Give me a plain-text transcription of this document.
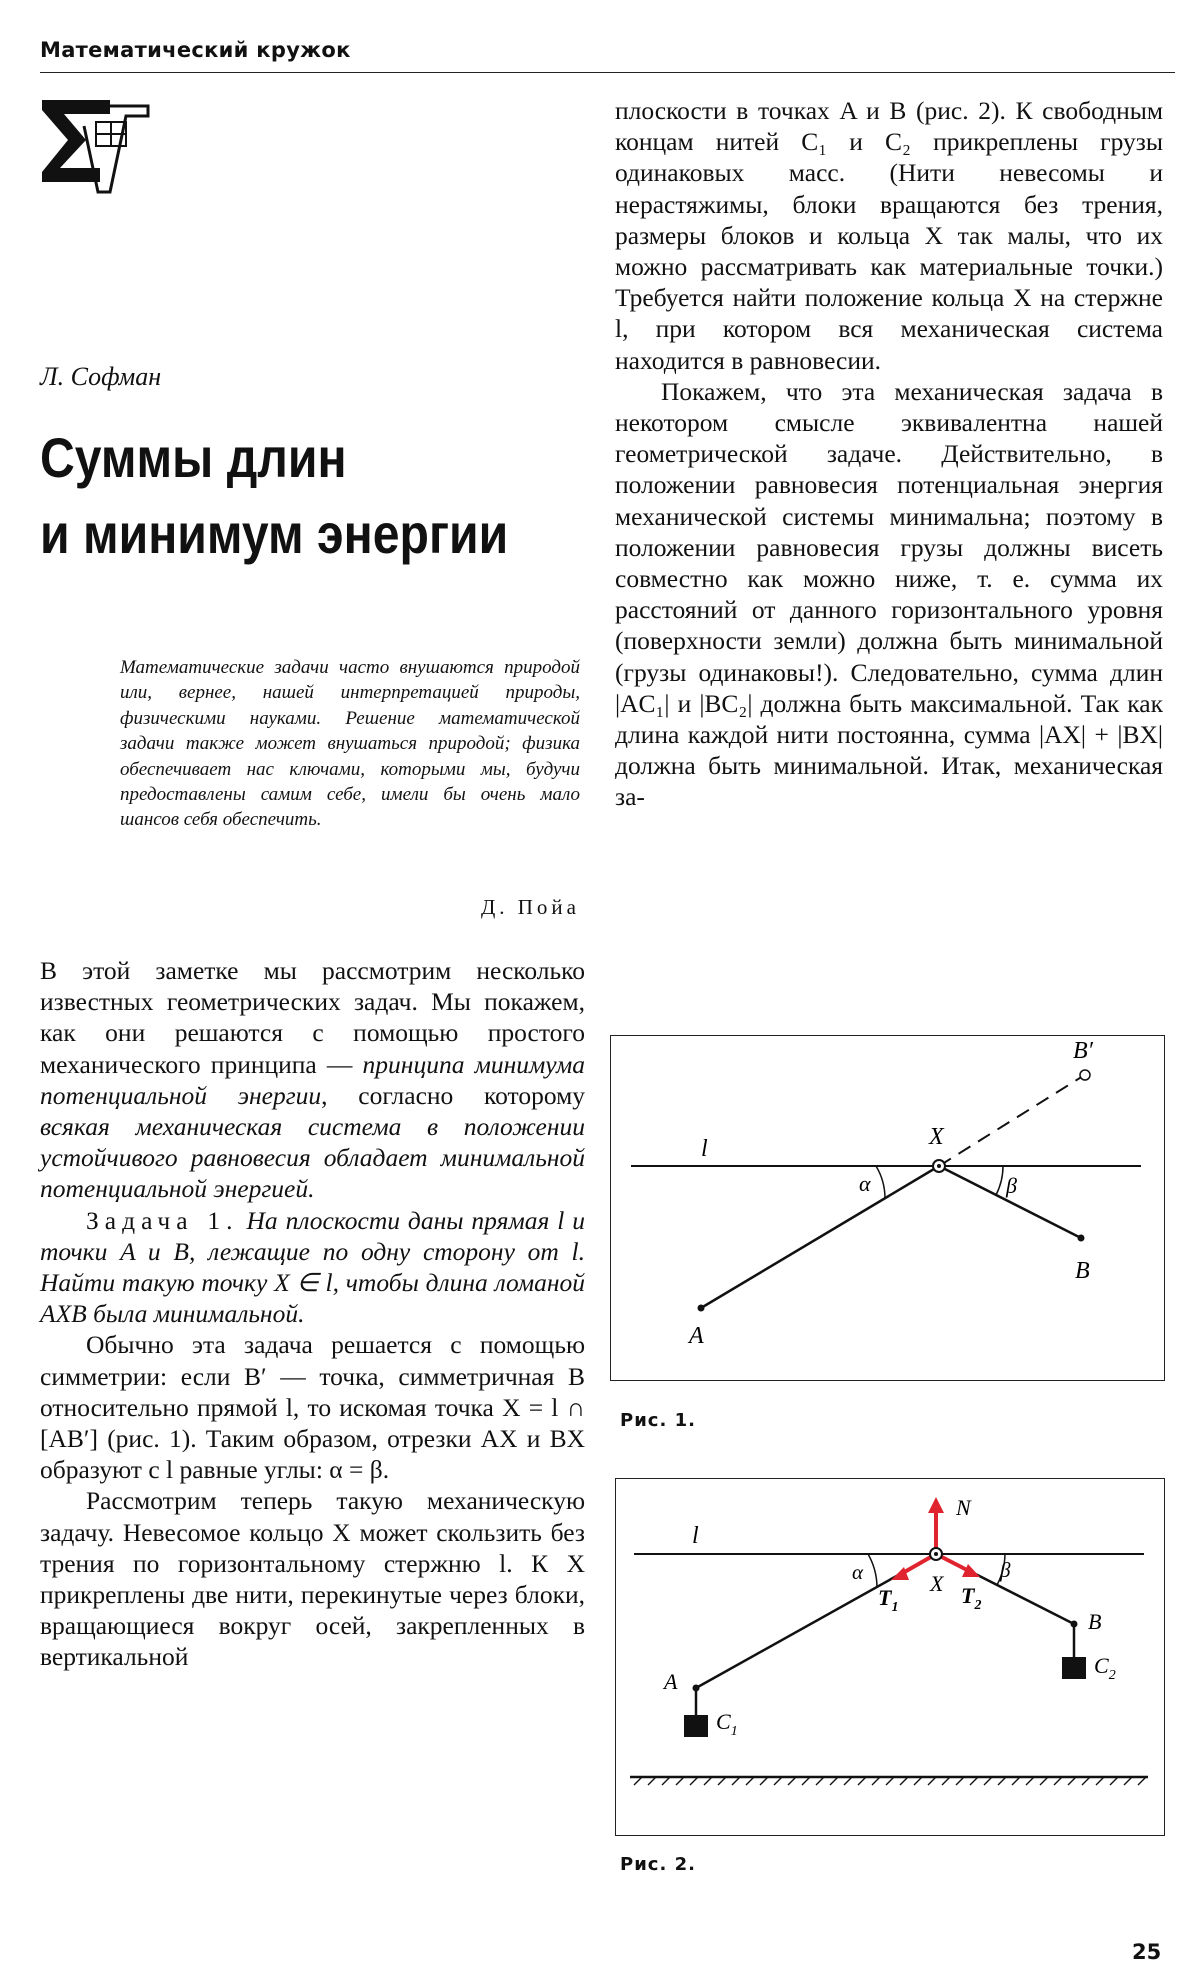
Математический кружок
Л. Софман
Суммы длин
и минимум энергии
Математические задачи часто внушаются природой или, вернее, нашей интерпретацией природы, физическими науками. Решение математической задачи также может внушаться природой; физика обеспечивает нас ключами, которыми мы, будучи предоставлены самим себе, имели бы очень мало шансов себя обеспечить.
Д. Пойа

В этой заметке мы рассмотрим несколько известных геометрических задач. Мы покажем, как они решаются с помощью простого механического принципа — принципа минимума потенциальной энергии, согласно которому всякая механическая система в положении устойчивого равновесия обладает минимальной потенциальной энергией.

Задача 1. На плоскости даны прямая l и точки A и B, лежащие по одну сторону от l. Найти такую точку X ∈ l, чтобы длина ломаной AXB была минимальной.

Обычно эта задача решается с помощью симметрии: если B′ — точка, симметричная B относительно прямой l, то искомая точка X = l ∩ [AB′] (рис. 1). Таким образом, отрезки AX и BX образуют с l равные углы: α = β.

Рассмотрим теперь такую механическую задачу. Невесомое кольцо X может скользить без трения по горизонтальному стержню l. К X прикреплены две нити, перекинутые через блоки, вращающиеся вокруг осей, закрепленных в вертикальной

плоскости в точках A и B (рис. 2). К свободным концам нитей C₁ и C₂ прикреплены грузы одинаковых масс. (Нити невесомы и нерастяжимы, блоки вращаются без трения, размеры блоков и кольца X так малы, что их можно рассматривать как материальные точки.) Требуется найти положение кольца X на стержне l, при котором вся механическая система находится в равновесии.

Покажем, что эта механическая задача в некотором смысле эквивалентна нашей геометрической задаче. Действительно, в положении равновесия потенциальная энергия механической системы минимальна; поэтому в положении равновесия грузы должны висеть совместно как можно ниже, т. е. сумма их расстояний от данного горизонтального уровня (поверхности земли) должна быть минимальной (грузы одинаковы!). Следовательно, сумма длин |AC₁| и |BC₂| должна быть максимальной. Так как длина каждой нити постоянна, сумма |AX| + |BX| должна быть минимальной. Итак, механическая за-

l	X
A
B
B′
α	β
Рис. 1.
l
X
N
$T_1$	$T_2$
A
B
$C_1$
$C_2$
α	β
Рис. 2.
25
